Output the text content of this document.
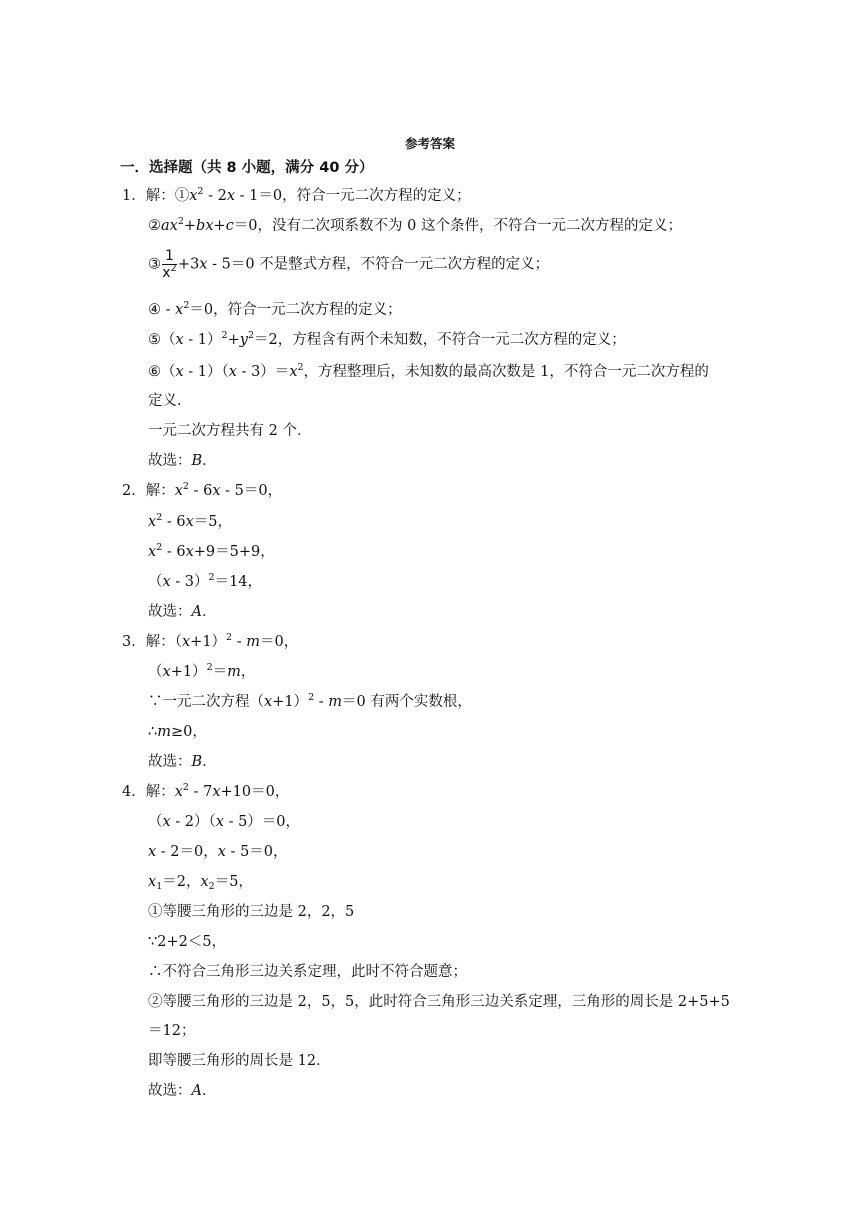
参考答案
一．选择题（共 8 小题，满分 40 分）
1．解：$①x^2 - 2x - 1=0$，符合一元二次方程的定义；
$②ax^2+bx+c=0$，没有二次项系数不为 0 这个条件，不符合一元二次方程的定义；
③ $\frac{1}{x^2} +3x - 5=0$ 不是整式方程，不符合一元二次方程的定义；
④ - $x^2=0$，符合一元二次方程的定义；
⑤（x - $1)^2+y^2=2$，方程含有两个未知数，不符合一元二次方程的定义；
⑥（x - $1)(x - 3)=x^2$，方程整理后，未知数的最高次数是 1，不符合一元二次方程的
定义．
一元二次方程共有 2 个．
故选：B．
2．解：$x^2 - 6x - 5=0$，
$x^2 - 6x=5$，
$x^2 - 6x+9=5+9$，
（x - 3）$^2$＝14，
故选：A．
3．解：$(x+1)^2 - m=0$，
$(x+1)^2=m$，
∵一元二次方程$(x+1)^2 - m=0$ 有两个实数根，
∴m≥0，
故选：B．
4．解：$x^2 - 7x+10=0$，
（x - 2）（x - 5）＝0，
x - 2＝0，x - 5＝0，
$x_1=2$，$x_2=5$，
①等腰三角形的三边是 2，2，5
∵2+2＜5，
∴不符合三角形三边关系定理，此时不符合题意；
②等腰三角形的三边是 2，5，5，此时符合三角形三边关系定理，三角形的周长是 2+5+5
＝12；
即等腰三角形的周长是 12．
故选：A．
